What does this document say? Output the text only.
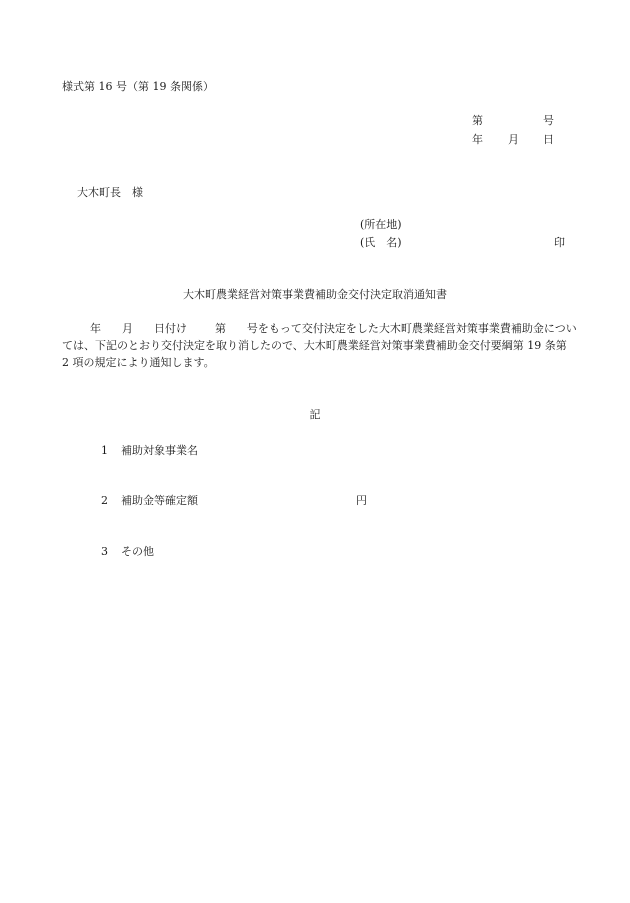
様式第 16 号（第 19 条関係）
第	号
年 月 日
大木町長　様
(所在地)
(氏　名)	印
大木町農業経営対策事業費補助金交付決定取消通知書
年 月 日付け	第 号をもって交付決定をした大木町農業経営対策事業費補助金については、下記のとおり交付決定を取り消したので、大木町農業経営対策事業費補助金交付要綱第 19 条第 2 項の規定により通知します。
記
1 補助対象事業名
2 補助金等確定額	円
3 その他
